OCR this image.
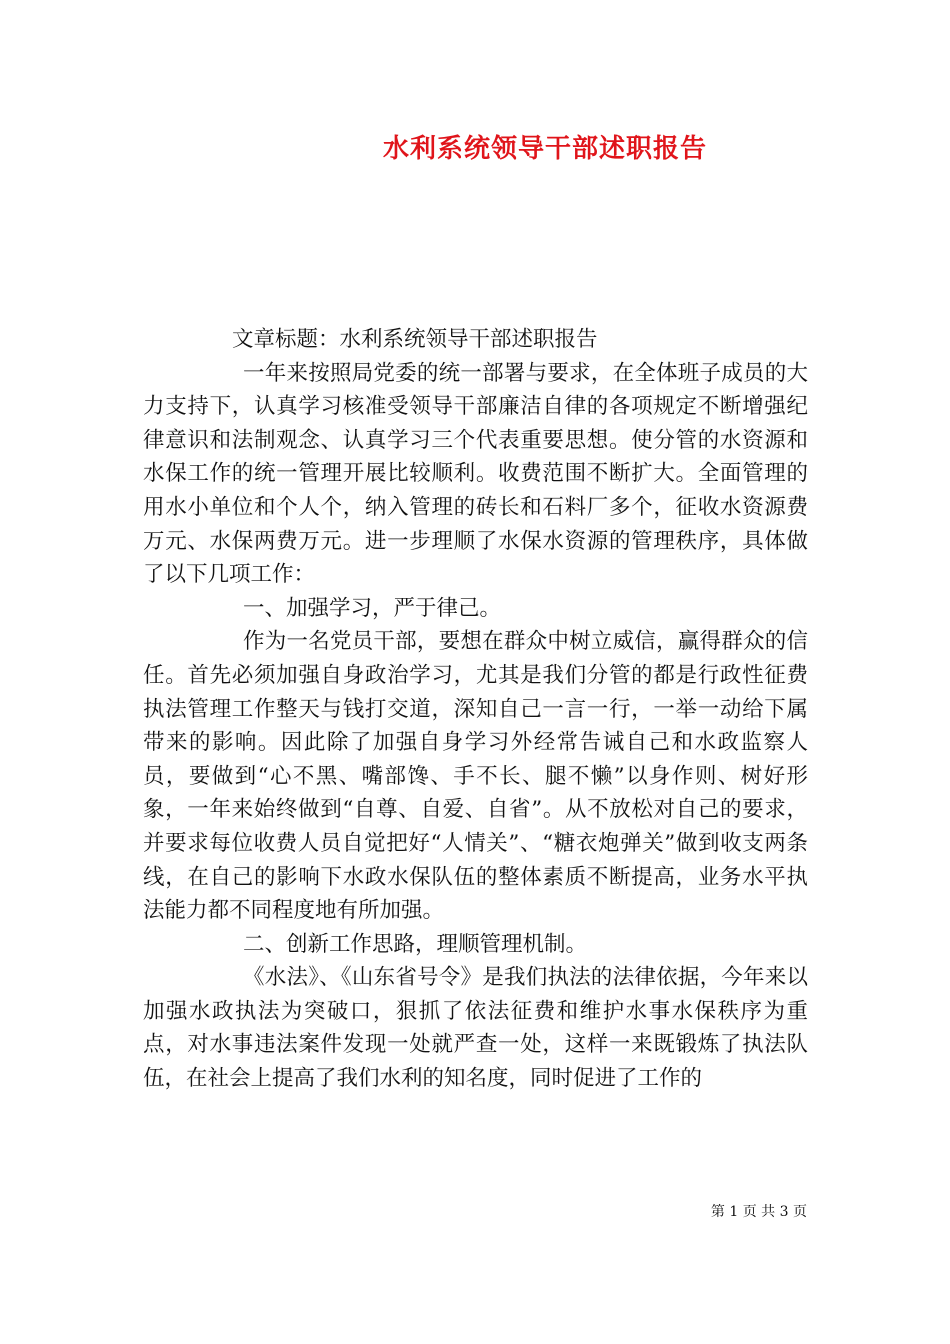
水利系统领导干部述职报告

文章标题：水利系统领导干部述职报告

一年来按照局党委的统一部署与要求，在全体班子成员的大力支持下，认真学习核准受领导干部廉洁自律的各项规定不断增强纪律意识和法制观念、认真学习三个代表重要思想。使分管的水资源和水保工作的统一管理开展比较顺利。收费范围不断扩大。全面管理的用水小单位和个人个，纳入管理的砖长和石料厂多个，征收水资源费万元、水保两费万元。进一步理顺了水保水资源的管理秩序，具体做了以下几项工作：

一、加强学习，严于律己。

作为一名党员干部，要想在群众中树立威信，赢得群众的信任。首先必须加强自身政治学习，尤其是我们分管的都是行政性征费执法管理工作整天与钱打交道，深知自己一言一行，一举一动给下属带来的影响。因此除了加强自身学习外经常告诫自己和水政监察人员，要做到“心不黑、嘴部馋、手不长、腿不懒”以身作则、树好形象，一年来始终做到“自尊、自爱、自省”。从不放松对自己的要求，并要求每位收费人员自觉把好“人情关”、“糖衣炮弹关”做到收支两条线，在自己的影响下水政水保队伍的整体素质不断提高，业务水平执法能力都不同程度地有所加强。

二、创新工作思路，理顺管理机制。

《水法》、《山东省号令》是我们执法的法律依据，今年来以加强水政执法为突破口，狠抓了依法征费和维护水事水保秩序为重点，对水事违法案件发现一处就严查一处，这样一来既锻炼了执法队伍，在社会上提高了我们水利的知名度，同时促进了工作的

第 1 页 共 3 页
